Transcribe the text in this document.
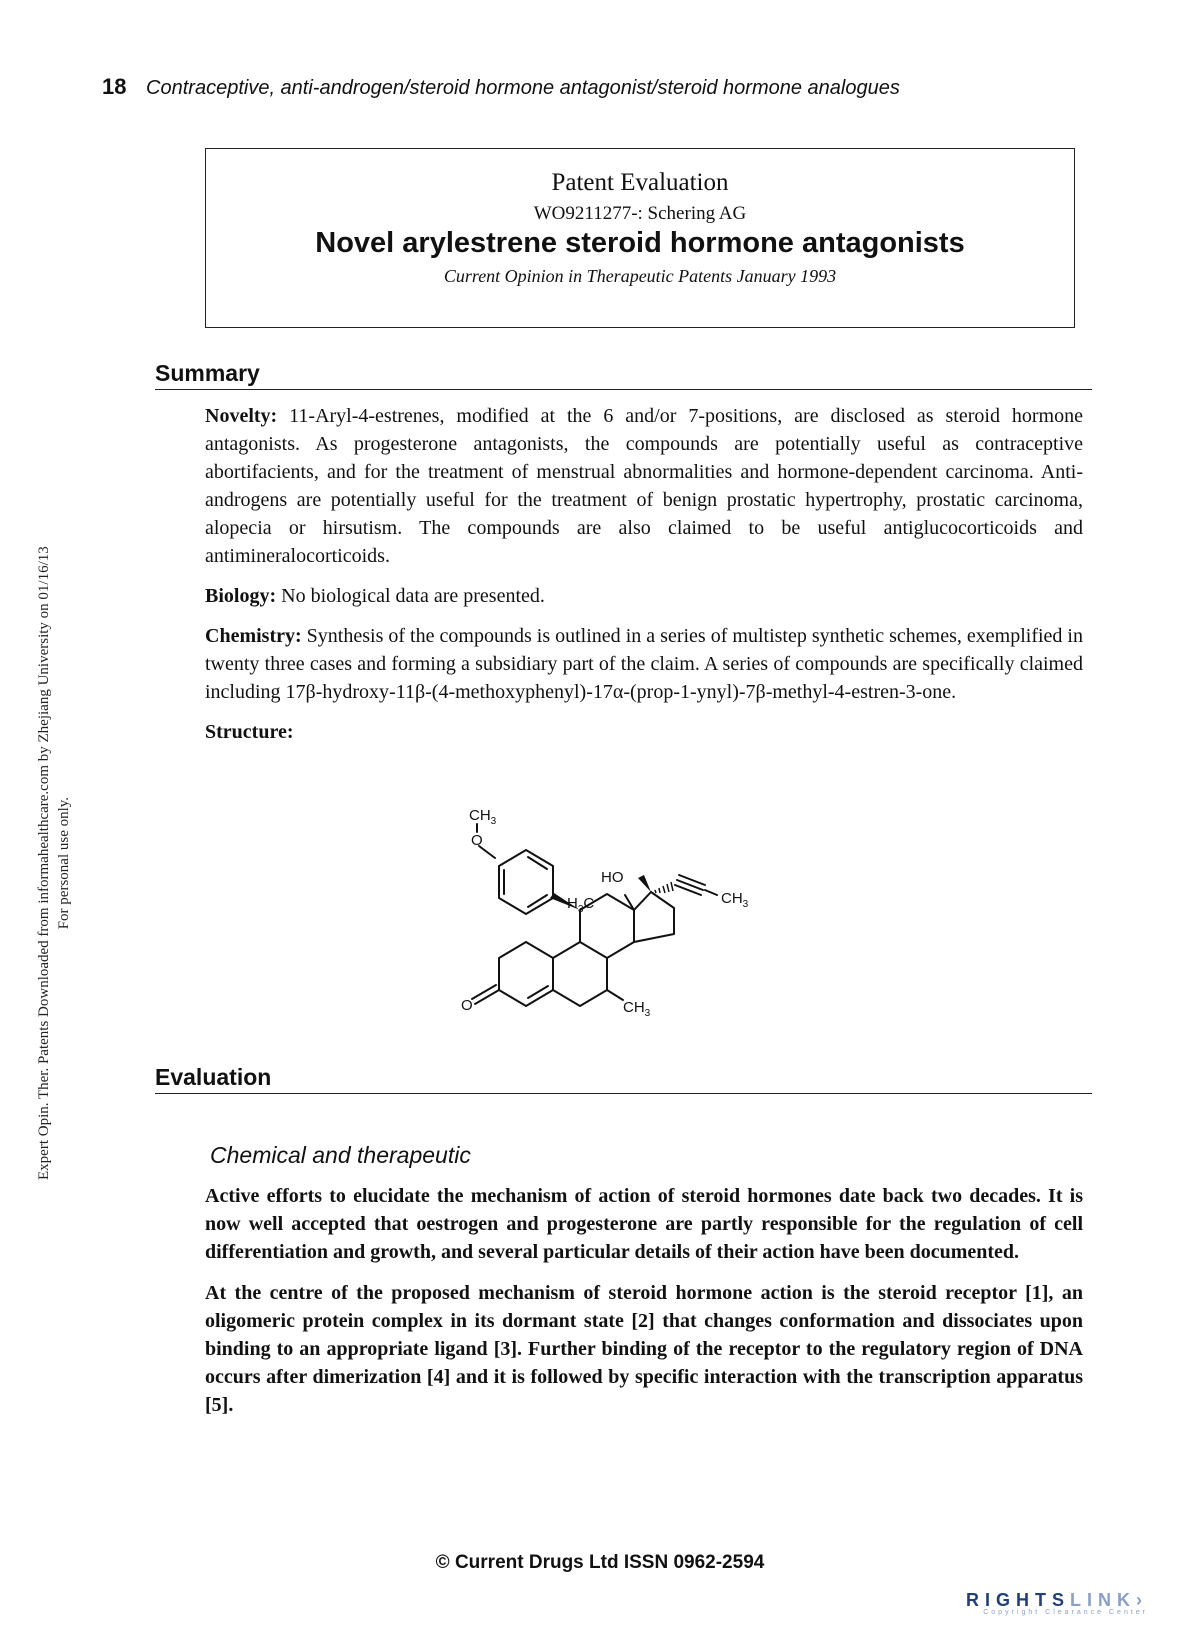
18 Contraceptive, anti-androgen/steroid hormone antagonist/steroid hormone analogues
Expert Opin. Ther. Patents Downloaded from informahealthcare.com by Zhejiang University on 01/16/13 For personal use only.
Patent Evaluation
WO9211277-: Schering AG
Novel arylestrene steroid hormone antagonists
Current Opinion in Therapeutic Patents January 1993
Summary

Novelty: 11-Aryl-4-estrenes, modified at the 6 and/or 7-positions, are disclosed as steroid hormone antagonists. As progesterone antagonists, the compounds are potentially useful as contraceptive abortifacients, and for the treatment of menstrual abnormalities and hormone-dependent carcinoma. Anti-androgens are potentially useful for the treatment of benign prostatic hypertrophy, prostatic carcinoma, alopecia or hirsutism. The compounds are also claimed to be useful antiglucocorticoids and antimineralocorticoids.

Biology: No biological data are presented.

Chemistry: Synthesis of the compounds is outlined in a series of multistep synthetic schemes, exemplified in twenty three cases and forming a subsidiary part of the claim. A series of compounds are specifically claimed including 17β-hydroxy-11β-(4-methoxyphenyl)-17α-(prop-1-ynyl)-7β-methyl-4-estren-3-one.

Structure:

$CH_3$
O
$H_3C$
HO
$CH_3$
O	$CH_3$
Evaluation
Chemical and therapeutic

Active efforts to elucidate the mechanism of action of steroid hormones date back two decades. It is now well accepted that oestrogen and progesterone are partly responsible for the regulation of cell differentiation and growth, and several particular details of their action have been documented.

At the centre of the proposed mechanism of steroid hormone action is the steroid receptor [1], an oligomeric protein complex in its dormant state [2] that changes conformation and dissociates upon binding to an appropriate ligand [3]. Further binding of the receptor to the regulatory region of DNA occurs after dimerization [4] and it is followed by specific interaction with the transcription apparatus [5].

© Current Drugs Ltd ISSN 0962-2594
RIGHTSLINK›
Copyright Clearance Center
